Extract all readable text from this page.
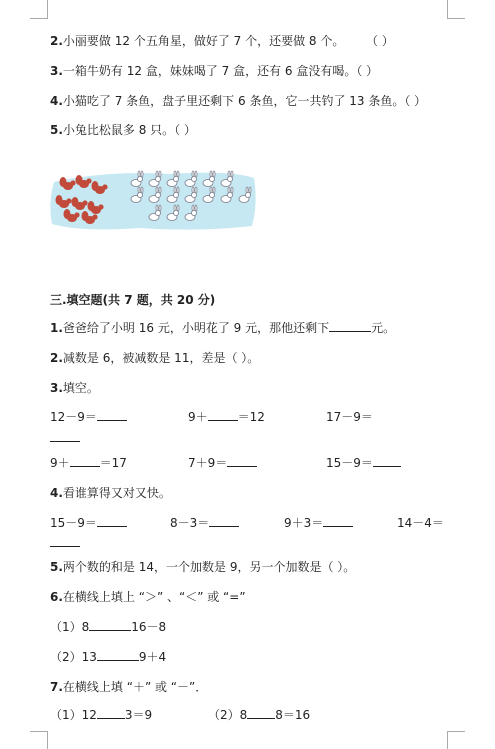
2.小丽要做 12 个五角星，做好了 7 个，还要做 8 个。 （ ）
3.一箱牛奶有 12 盒，妹妹喝了 7 盒，还有 6 盒没有喝。（ ）
4.小猫吃了 7 条鱼，盘子里还剩下 6 条鱼，它一共钓了 13 条鱼。（ ）
5.小兔比松鼠多 8 只。（ ）
三.填空题(共 7 题，共 20 分)
1.爸爸给了小明 16 元，小明花了 9 元，那他还剩下	元。
2.减数是 6，被减数是 11，差是（ ）。
3.填空。
12－9＝	9＋	＝12	17－9＝
9＋	＝17	7＋9＝	15－9＝
4.看谁算得又对又快。
15－9＝	8－3＝	9＋3＝	14－4＝
5.两个数的和是 14，一个加数是 9，另一个加数是（ ）。
6.在横线上填上 “＞” 、“＜” 或 “=”
（1）8	16－8
（2）13	9＋4
7.在横线上填 “＋” 或 “－”．
（1）12 3＝9	（2）8 8＝16
